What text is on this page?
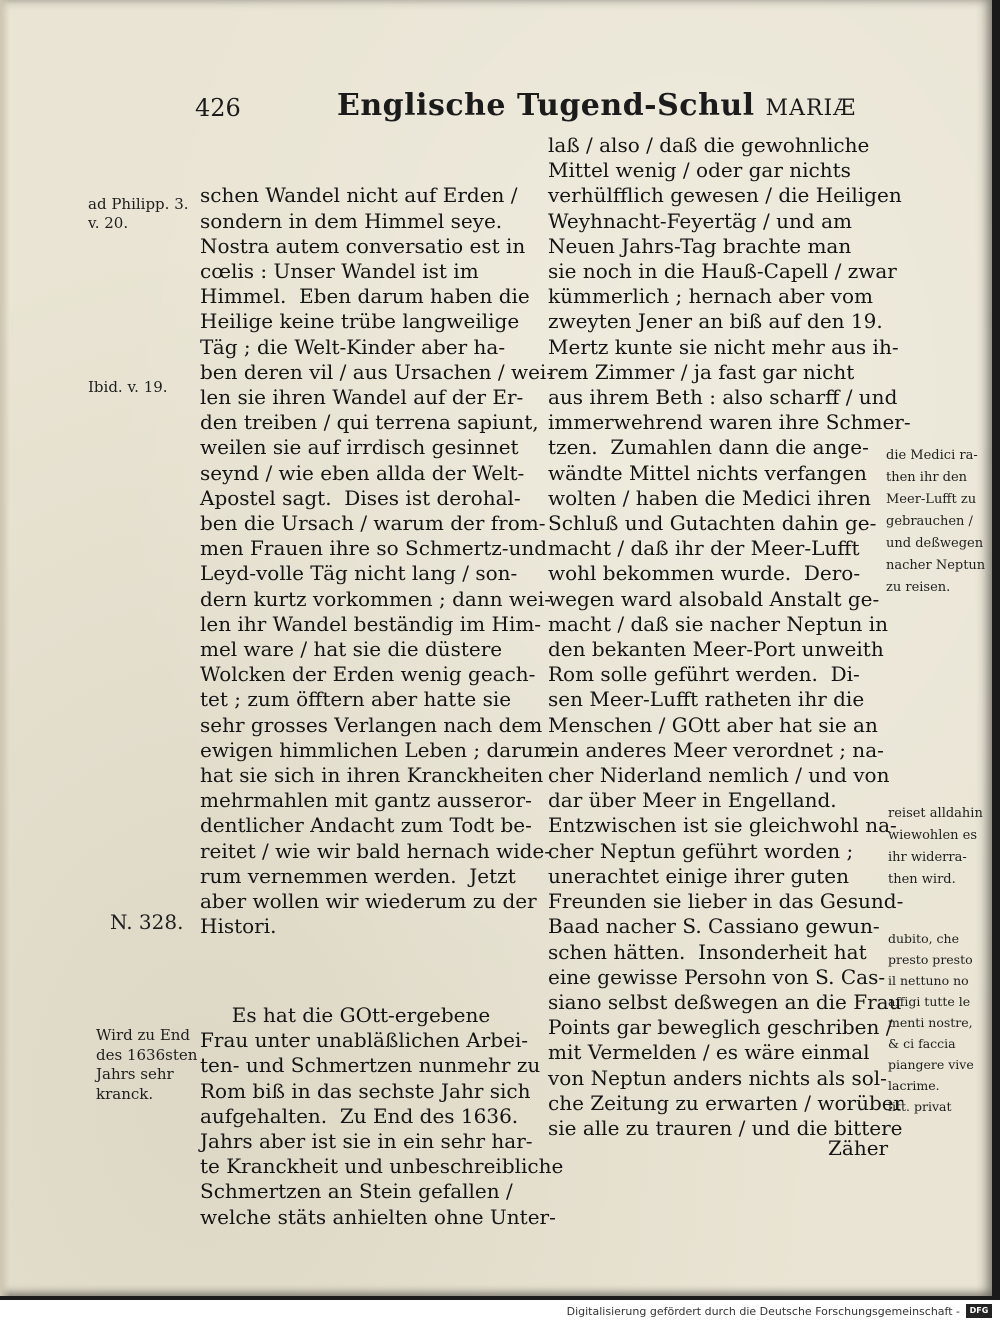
426	Englische Tugend-Schul MARIÆ

schen Wandel nicht auf Erden /
sondern in dem Himmel seye.
Nostra autem conversatio est in
cœlis : Unser Wandel ist im
Himmel.  Eben darum haben die
Heilige keine trübe langweilige
Täg ; die Welt-Kinder aber ha-
ben deren vil / aus Ursachen / wei-
len sie ihren Wandel auf der Er-
den treiben / qui terrena sapiunt,
weilen sie auf irrdisch gesinnet
seynd / wie eben allda der Welt-
Apostel sagt.  Dises ist derohal-
ben die Ursach / warum der from-
men Frauen ihre so Schmertz-und
Leyd-volle Täg nicht lang / son-
dern kurtz vorkommen ; dann wei-
len ihr Wandel beständig im Him-
mel ware / hat sie die düstere
Wolcken der Erden wenig geach-
tet ; zum öfftern aber hatte sie
sehr grosses Verlangen nach dem
ewigen himmlichen Leben ; darum
hat sie sich in ihren Kranckheiten
mehrmahlen mit gantz ausseror-
dentlicher Andacht zum Todt be-
reitet / wie wir bald hernach wide-
rum vernemmen werden.  Jetzt
aber wollen wir wiederum zu der
Histori.

Es hat die GOtt-ergebene
Frau unter unabläßlichen Arbei-
ten- und Schmertzen nunmehr zu
Rom biß in das sechste Jahr sich
aufgehalten.  Zu End des 1636.
Jahrs aber ist sie in ein sehr har-
te Kranckheit und unbeschreibliche
Schmertzen an Stein gefallen /
welche stäts anhielten ohne Unter-

laß / also / daß die gewohnliche
Mittel wenig / oder gar nichts
verhülfflich gewesen / die Heiligen
Weyhnacht-Feyertäg / und am
Neuen Jahrs-Tag brachte man
sie noch in die Hauß-Capell / zwar
kümmerlich ; hernach aber vom
zweyten Jener an biß auf den 19.
Mertz kunte sie nicht mehr aus ih-
rem Zimmer / ja fast gar nicht
aus ihrem Beth : also scharff / und
immerwehrend waren ihre Schmer-
tzen.  Zumahlen dann die ange-
wändte Mittel nichts verfangen
wolten / haben die Medici ihren
Schluß und Gutachten dahin ge-
macht / daß ihr der Meer-Lufft
wohl bekommen wurde.  Dero-
wegen ward alsobald Anstalt ge-
macht / daß sie nacher Neptun in
den bekanten Meer-Port unweith
Rom solle geführt werden.  Di-
sen Meer-Lufft ratheten ihr die
Menschen / GOtt aber hat sie an
ein anderes Meer verordnet ; na-
cher Niderland nemlich / und von
dar über Meer in Engelland.
Entzwischen ist sie gleichwohl na-
cher Neptun geführt worden ;
unerachtet einige ihrer guten
Freunden sie lieber in das Gesund-
Baad nacher S. Cassiano gewun-
schen hätten.  Insonderheit hat
eine gewisse Persohn von S. Cas-
siano selbst deßwegen an die Frau
Points gar beweglich geschriben /
mit Vermelden / es wäre einmal
von Neptun anders nichts als sol-
che Zeitung zu erwarten / worüber
sie alle zu trauren / und die bittere
Zäher
ad Philipp. 3.
v. 20.
Ibid. v. 19.
N. 328.
Wird zu End
des 1636sten
Jahrs sehr
kranck.
die Medici ra-
then ihr den
Meer-Lufft zu
gebrauchen /
und deßwegen
nacher Neptun
zu reisen.
reiset alldahin
wiewohlen es
ihr widerra-
then wird.
dubito, che
presto presto
il nettuno no
affigi tutte le
menti nostre,
& ci faccia
piangere vive
lacrime.
litt. privat
Digitalisierung gefördert durch die Deutsche Forschungsgemeinschaft -	DFG
